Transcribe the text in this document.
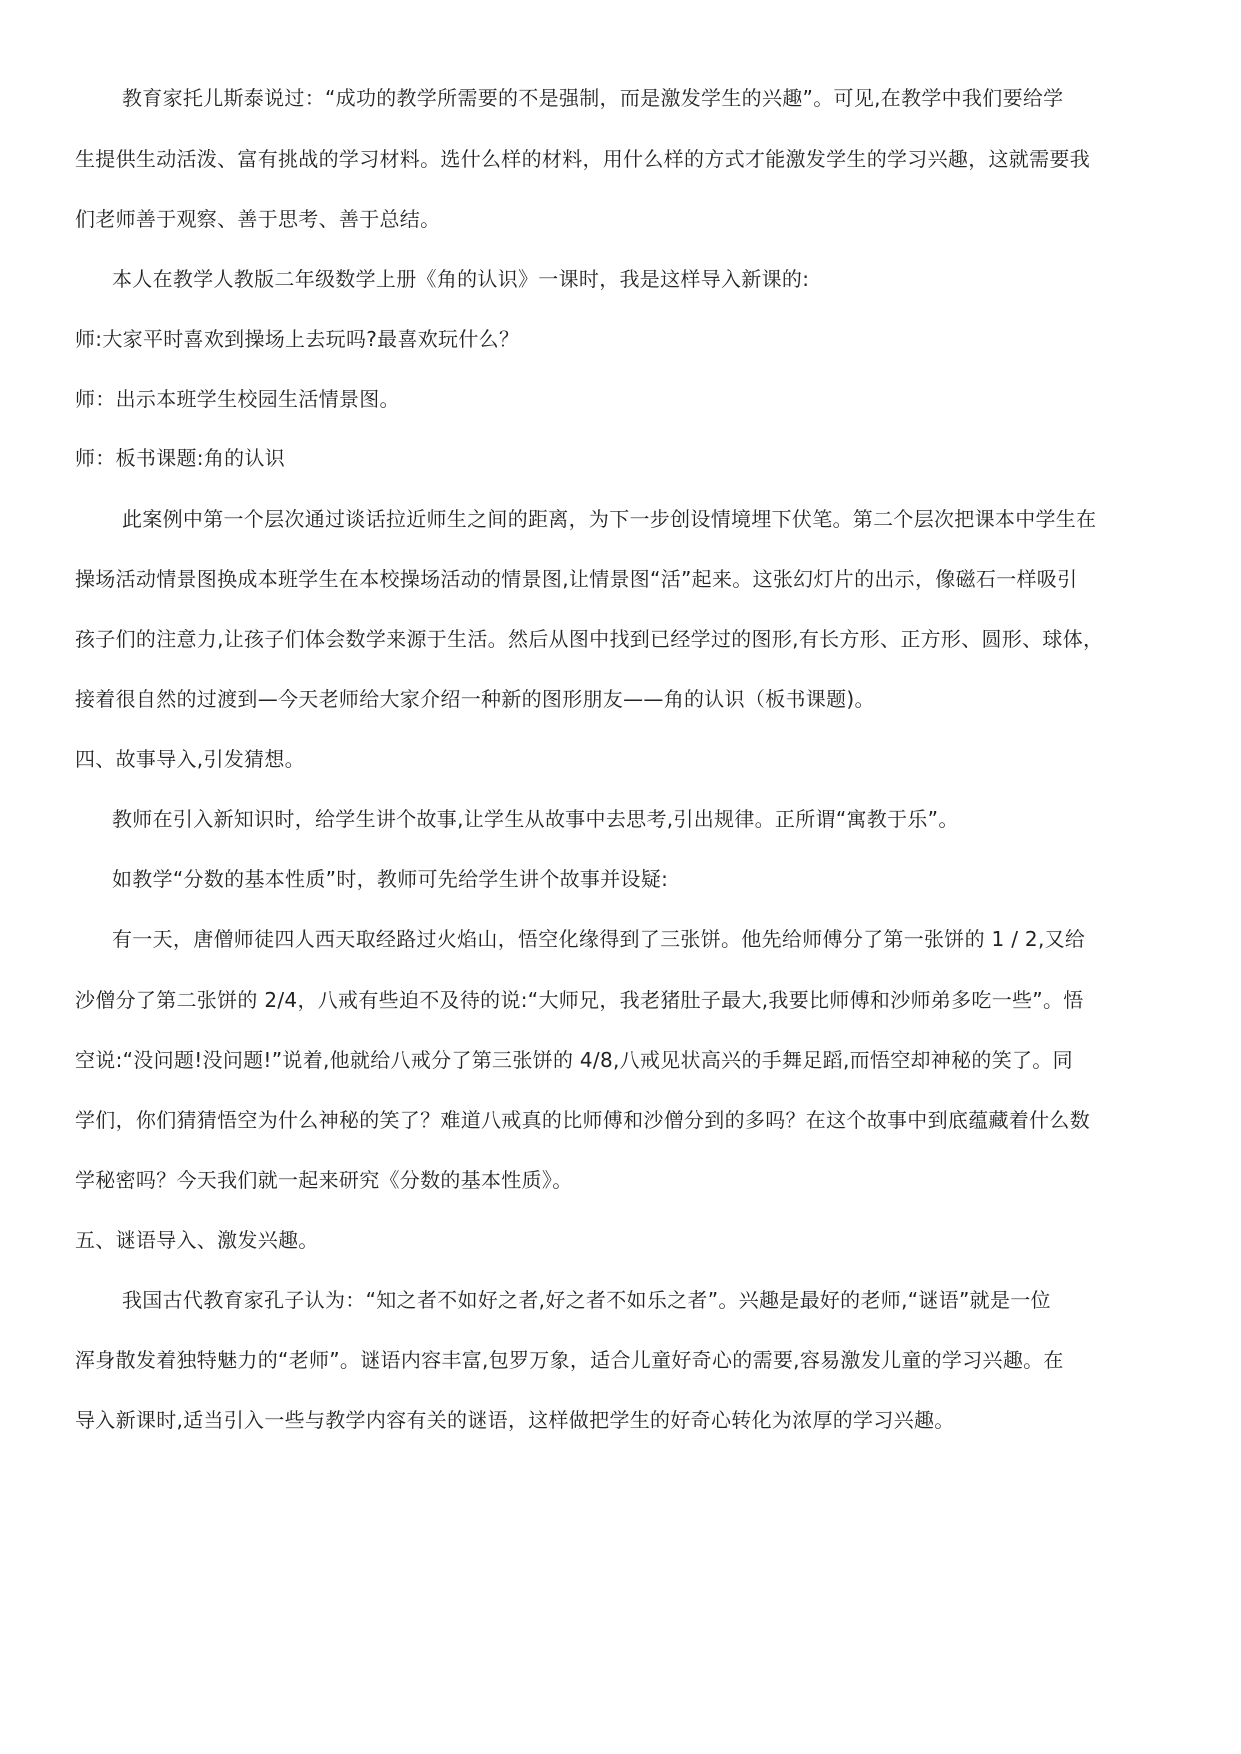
教育家托儿斯泰说过：“成功的教学所需要的不是强制，而是激发学生的兴趣”。可见,在教学中我们要给学
生提供生动活泼、富有挑战的学习材料。选什么样的材料，用什么样的方式才能激发学生的学习兴趣，这就需要我
们老师善于观察、善于思考、善于总结。
本人在教学人教版二年级数学上册《角的认识》一课时，我是这样导入新课的:
师:大家平时喜欢到操场上去玩吗?最喜欢玩什么？
师：出示本班学生校园生活情景图。
师：板书课题:角的认识
此案例中第一个层次通过谈话拉近师生之间的距离，为下一步创设情境埋下伏笔。第二个层次把课本中学生在
操场活动情景图换成本班学生在本校操场活动的情景图,让情景图“活”起来。这张幻灯片的出示，像磁石一样吸引
孩子们的注意力,让孩子们体会数学来源于生活。然后从图中找到已经学过的图形,有长方形、正方形、圆形、球体，
接着很自然的过渡到—今天老师给大家介绍一种新的图形朋友——角的认识（板书课题)。
四、故事导入,引发猜想。
教师在引入新知识时，给学生讲个故事,让学生从故事中去思考,引出规律。正所谓“寓教于乐”。
如教学“分数的基本性质”时，教师可先给学生讲个故事并设疑:
有一天，唐僧师徒四人西天取经路过火焰山，悟空化缘得到了三张饼。他先给师傅分了第一张饼的 1 / 2,又给
沙僧分了第二张饼的 2/4，八戒有些迫不及待的说:“大师兄，我老猪肚子最大,我要比师傅和沙师弟多吃一些”。悟
空说:“没问题!没问题!”说着,他就给八戒分了第三张饼的 4/8,八戒见状高兴的手舞足蹈,而悟空却神秘的笑了。同
学们，你们猜猜悟空为什么神秘的笑了？难道八戒真的比师傅和沙僧分到的多吗？在这个故事中到底蕴藏着什么数
学秘密吗？今天我们就一起来研究《分数的基本性质》。
五、谜语导入、激发兴趣。
我国古代教育家孔子认为：“知之者不如好之者,好之者不如乐之者”。兴趣是最好的老师,“谜语”就是一位
浑身散发着独特魅力的“老师”。谜语内容丰富,包罗万象，适合儿童好奇心的需要,容易激发儿童的学习兴趣。在
导入新课时,适当引入一些与教学内容有关的谜语，这样做把学生的好奇心转化为浓厚的学习兴趣。
